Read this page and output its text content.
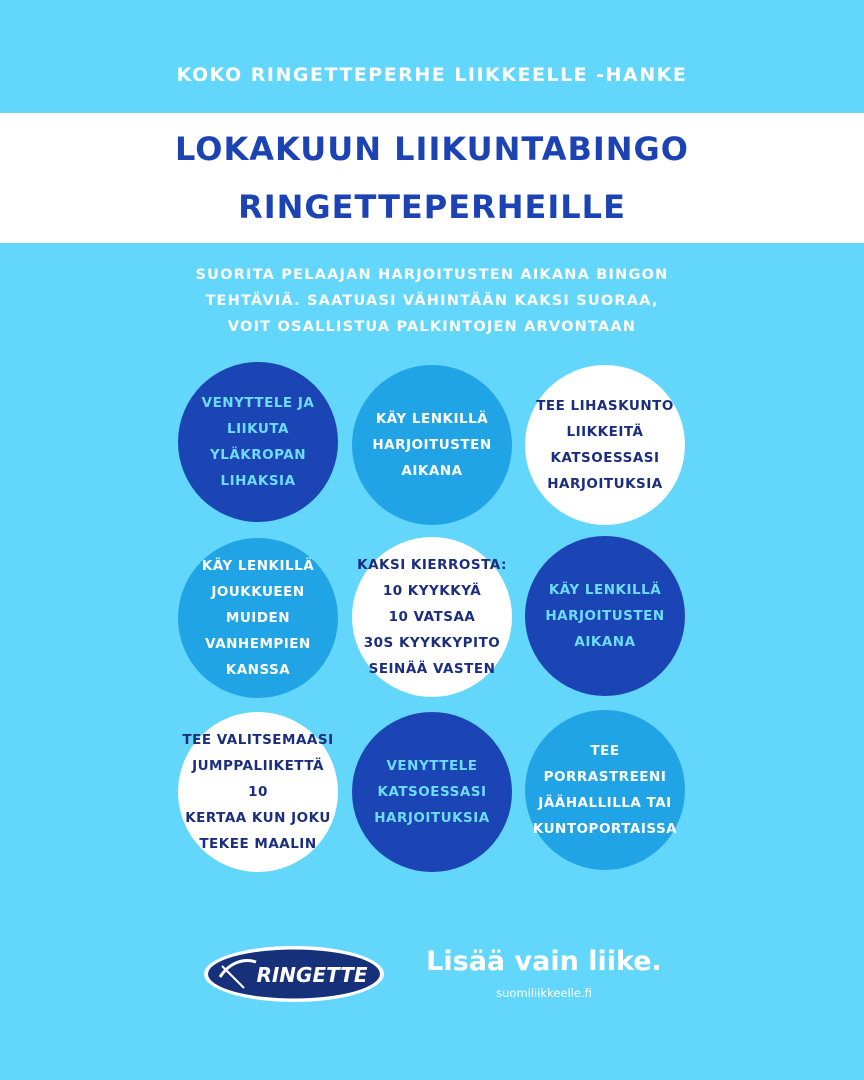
KOKO RINGETTEPERHE LIIKKEELLE -HANKE
LOKAKUUN LIIKUNTABINGO
RINGETTEPERHEILLE
SUORITA PELAAJAN HARJOITUSTEN AIKANA BINGON
TEHTÄVIÄ. SAATUASI VÄHINTÄÄN KAKSI SUORAA,
VOIT OSALLISTUA PALKINTOJEN ARVONTAAN
VENYTTELE JA
LIIKUTA YLÄKROPAN
LIHAKSIA
KÄY LENKILLÄ
HARJOITUSTEN
AIKANA
TEE LIHASKUNTO
LIIKKEITÄ
KATSOESSASI
HARJOITUKSIA
KÄY LENKILLÄ
JOUKKUEEN
MUIDEN
VANHEMPIEN
KANSSA
KAKSI KIERROSTA:
10 KYYKKYÄ
10 VATSAA
30S KYYKKYPITO
SEINÄÄ VASTEN
KÄY LENKILLÄ
HARJOITUSTEN
AIKANA
TEE VALITSEMAASI
JUMPPALIIKETTÄ 10
KERTAA KUN JOKU
TEKEE MAALIN
VENYTTELE
KATSOESSASI
HARJOITUKSIA
TEE
PORRASTREENI
JÄÄHALLILLA TAI
KUNTOPORTAISSA
RINGETTE	Lisää vain liike.
suomiliikkeelle.fi
